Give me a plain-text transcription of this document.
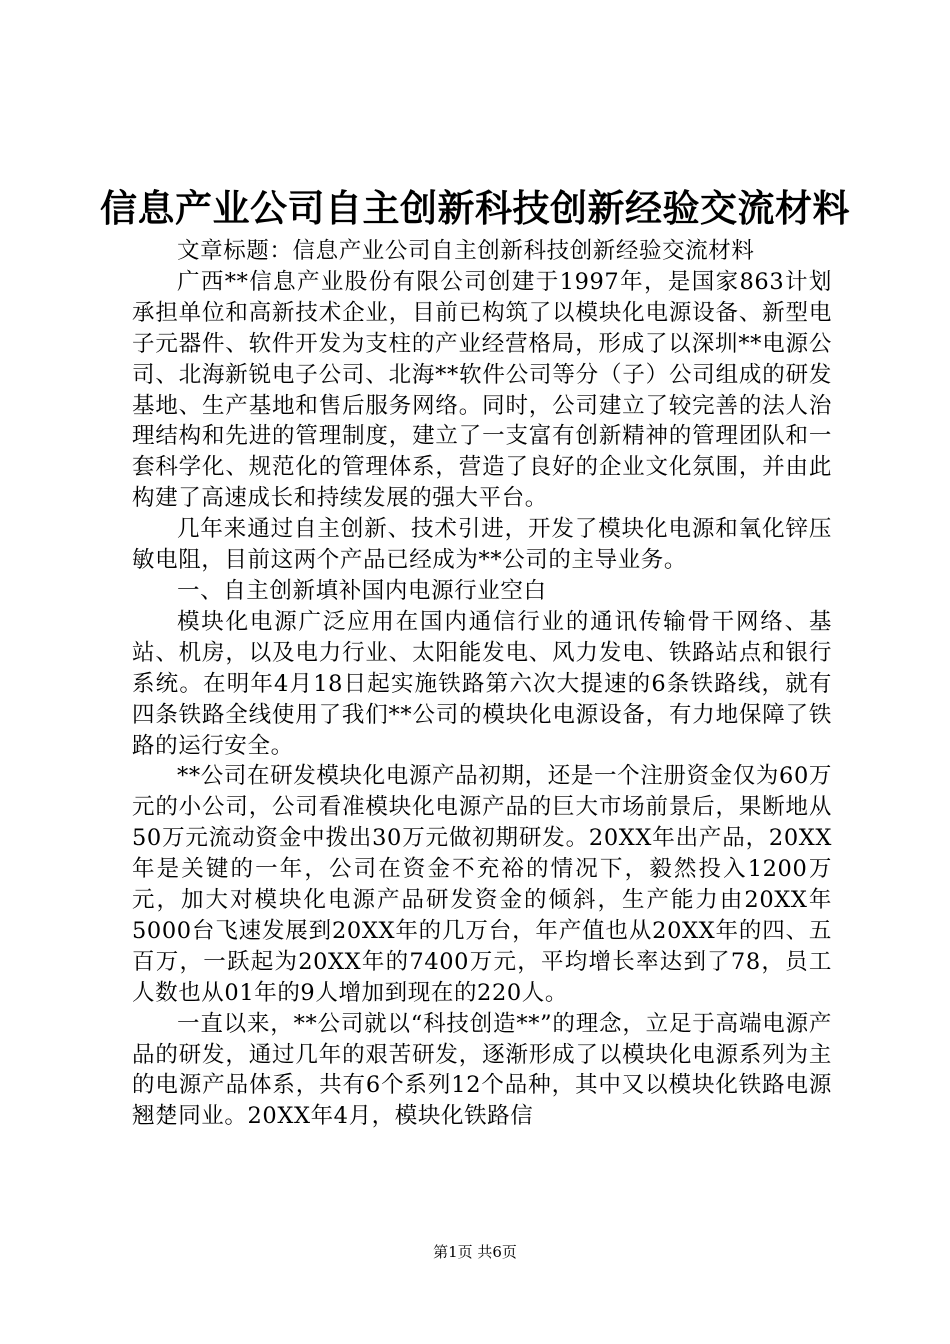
信息产业公司自主创新科技创新经验交流材料

文章标题：信息产业公司自主创新科技创新经验交流材料

广西**信息产业股份有限公司创建于1997年，是国家863计划承担单位和高新技术企业，目前已构筑了以模块化电源设备、新型电子元器件、软件开发为支柱的产业经营格局，形成了以深圳**电源公司、北海新锐电子公司、北海**软件公司等分（子）公司组成的研发基地、生产基地和售后服务网络。同时，公司建立了较完善的法人治理结构和先进的管理制度，建立了一支富有创新精神的管理团队和一套科学化、规范化的管理体系，营造了良好的企业文化氛围，并由此构建了高速成长和持续发展的强大平台。

几年来通过自主创新、技术引进，开发了模块化电源和氧化锌压敏电阻，目前这两个产品已经成为**公司的主导业务。

一、自主创新填补国内电源行业空白

模块化电源广泛应用在国内通信行业的通讯传输骨干网络、基站、机房，以及电力行业、太阳能发电、风力发电、铁路站点和银行系统。在明年4月18日起实施铁路第六次大提速的6条铁路线，就有四条铁路全线使用了我们**公司的模块化电源设备，有力地保障了铁路的运行安全。

**公司在研发模块化电源产品初期，还是一个注册资金仅为60万元的小公司，公司看准模块化电源产品的巨大市场前景后，果断地从50万元流动资金中拨出30万元做初期研发。20XX年出产品，20XX年是关键的一年，公司在资金不充裕的情况下，毅然投入1200万元，加大对模块化电源产品研发资金的倾斜，生产能力由20XX年5000台飞速发展到20XX年的几万台，年产值也从20XX年的四、五百万，一跃起为20XX年的7400万元，平均增长率达到了78，员工人数也从01年的9人增加到现在的220人。

一直以来，**公司就以“科技创造**”的理念，立足于高端电源产品的研发，通过几年的艰苦研发，逐渐形成了以模块化电源系列为主的电源产品体系，共有6个系列12个品种，其中又以模块化铁路电源翘楚同业。20XX年4月，模块化铁路信

第1页 共6页
